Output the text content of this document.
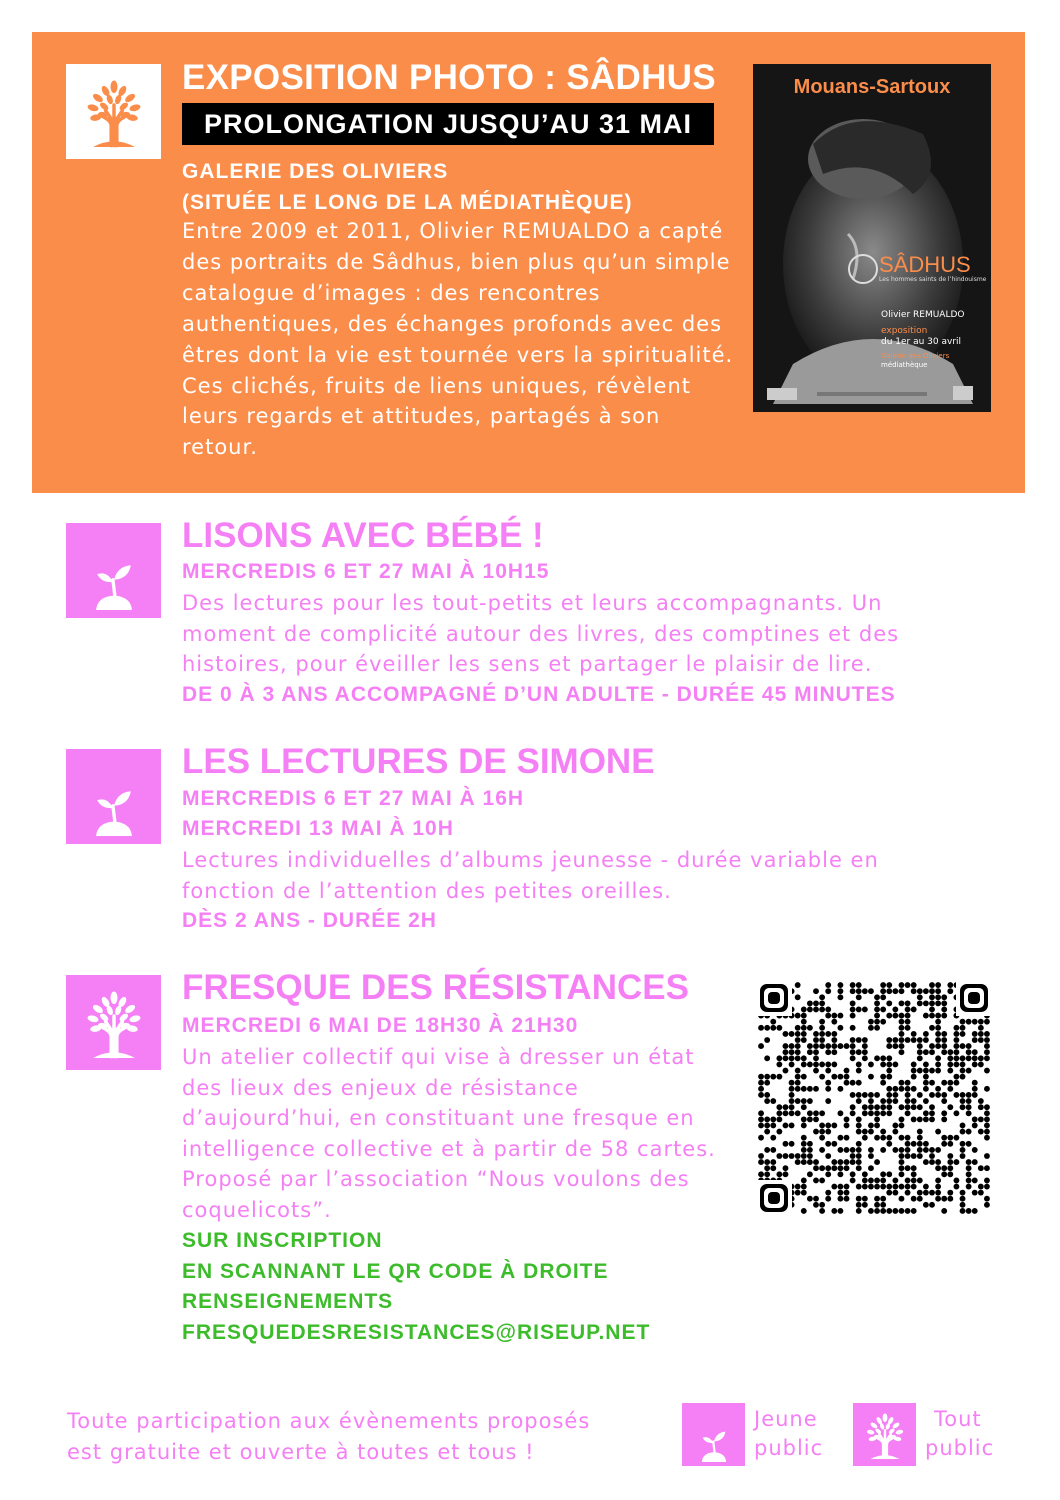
EXPOSITION PHOTO : SÂDHUS
PROLONGATION JUSQU’AU 31 MAI
GALERIE DES OLIVIERS
(SITUÉE LE LONG DE LA MÉDIATHÈQUE)
Entre 2009 et 2011, Olivier REMUALDO a capté des portraits de Sâdhus, bien plus qu’un simple catalogue d’images : des rencontres authentiques, des échanges profonds avec des êtres dont la vie est tournée vers la spiritualité. Ces clichés, fruits de liens uniques, révèlent leurs regards et attitudes, partagés à son retour.
Mouans-Sartoux
SÂDHUS
Les hommes saints de l’hindouisme
Olivier REMUALDO
exposition
du 1er au 30 avril
Galerie des Oliviers
médiathèque
LISONS AVEC BÉBÉ !
MERCREDIS 6 ET 27 MAI À 10H15
Des lectures pour les tout-petits et leurs accompagnants. Un moment de complicité autour des livres, des comptines et des histoires, pour éveiller les sens et partager le plaisir de lire.
DE 0 À 3 ANS ACCOMPAGNÉ D’UN ADULTE - DURÉE 45 MINUTES
LES LECTURES DE SIMONE
MERCREDIS 6 ET 27 MAI À 16H
MERCREDI 13 MAI À 10H
Lectures individuelles d’albums jeunesse - durée variable en fonction de l’attention des petites oreilles.
DÈS 2 ANS - DURÉE 2H
FRESQUE DES RÉSISTANCES
MERCREDI 6 MAI DE 18H30 À 21H30
Un atelier collectif qui vise à dresser un état des lieux des enjeux de résistance d’aujourd’hui, en constituant une fresque en intelligence collective et à partir de 58 cartes. Proposé par l’association “Nous voulons des coquelicots”.
SUR INSCRIPTION
EN SCANNANT LE QR CODE À DROITE
RENSEIGNEMENTS
FRESQUEDESRESISTANCES@RISEUP.NET
Toute participation aux évènements proposés
est gratuite et ouverte à toutes et tous !
Jeune
public
Tout
public
